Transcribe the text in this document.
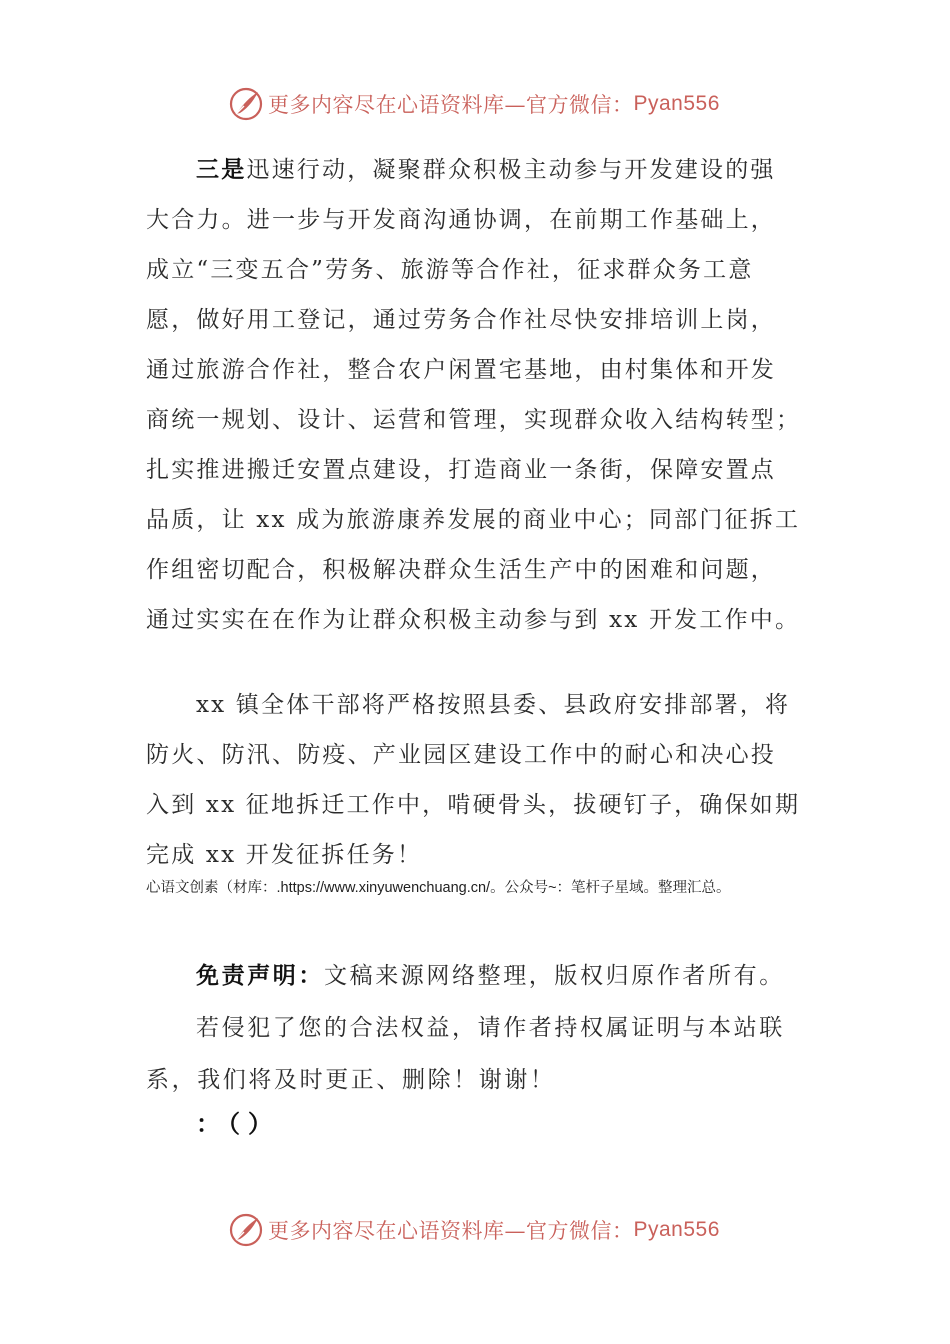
更多内容尽在心语资料库—官方微信： Pyan556
三是迅速行动，凝聚群众积极主动参与开发建设的强
大合力。进一步与开发商沟通协调，在前期工作基础上，
成立“三变五合”劳务、旅游等合作社，征求群众务工意
愿，做好用工登记，通过劳务合作社尽快安排培训上岗，
通过旅游合作社，整合农户闲置宅基地，由村集体和开发
商统一规划、设计、运营和管理，实现群众收入结构转型；
扎实推进搬迁安置点建设，打造商业一条街，保障安置点
品质，让 xx 成为旅游康养发展的商业中心；同部门征拆工
作组密切配合，积极解决群众生活生产中的困难和问题，
通过实实在在作为让群众积极主动参与到 xx 开发工作中。
xx 镇全体干部将严格按照县委、县政府安排部署，将
防火、防汛、防疫、产业园区建设工作中的耐心和决心投
入到 xx 征地拆迁工作中，啃硬骨头，拔硬钉子，确保如期
完成 xx 开发征拆任务！
心语文创素（材库：.https://www.xinyuwenchuang.cn/。公众号~：笔杆子星域。整理汇总。
免责声明：文稿来源网络整理，版权归原作者所有。
若侵犯了您的合法权益，请作者持权属证明与本站联
系，我们将及时更正、删除！谢谢！
：（）
更多内容尽在心语资料库—官方微信： Pyan556
